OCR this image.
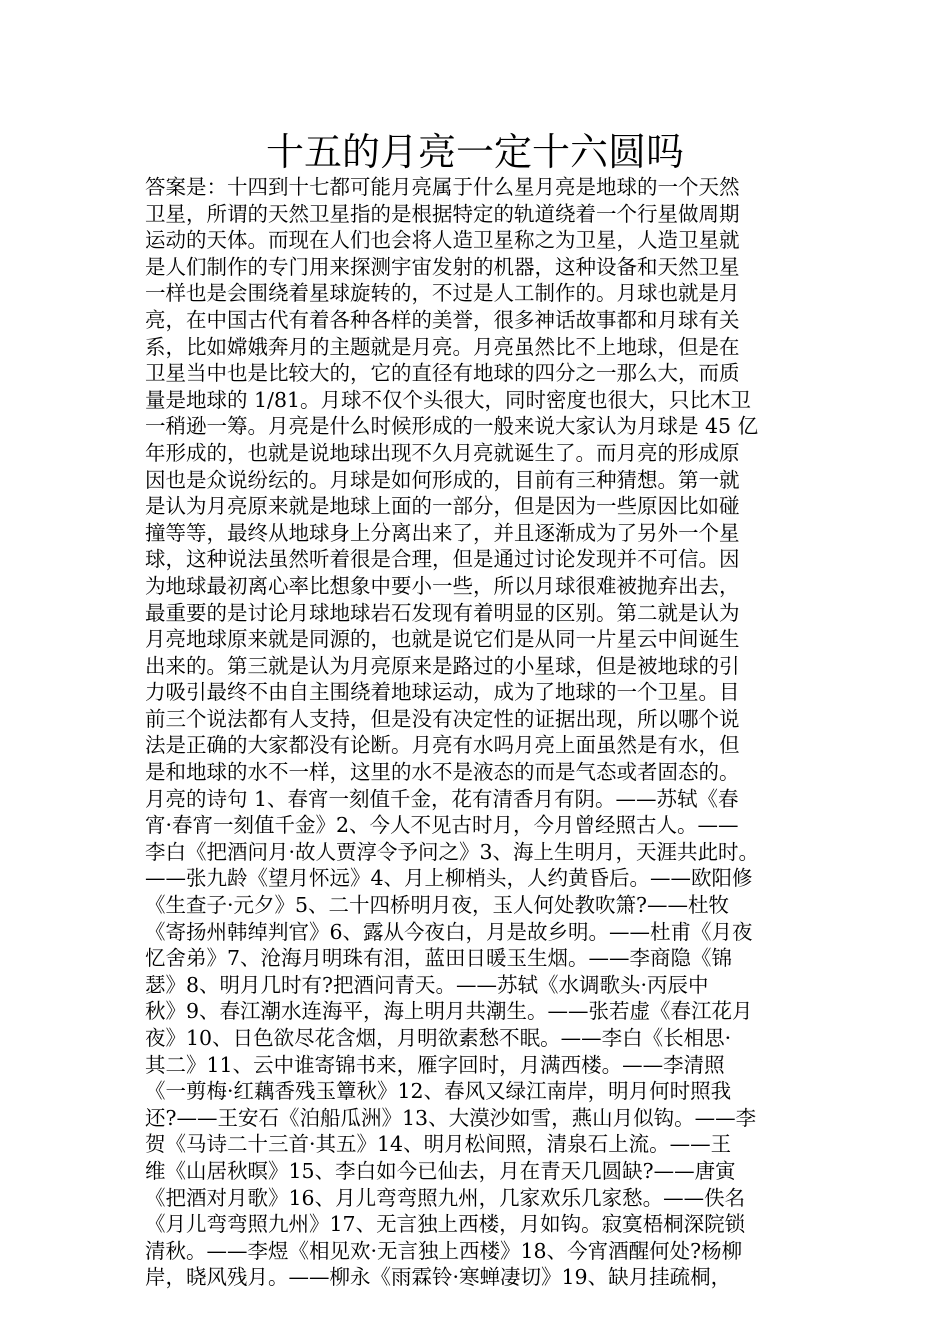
十五的月亮一定十六圆吗
答案是：十四到十七都可能月亮属于什么星月亮是地球的一个天然
卫星，所谓的天然卫星指的是根据特定的轨道绕着一个行星做周期
运动的天体。而现在人们也会将人造卫星称之为卫星，人造卫星就
是人们制作的专门用来探测宇宙发射的机器，这种设备和天然卫星
一样也是会围绕着星球旋转的，不过是人工制作的。月球也就是月
亮，在中国古代有着各种各样的美誉，很多神话故事都和月球有关
系，比如嫦娥奔月的主题就是月亮。月亮虽然比不上地球，但是在
卫星当中也是比较大的，它的直径有地球的四分之一那么大，而质
量是地球的 1/81。月球不仅个头很大，同时密度也很大，只比木卫
一稍逊一筹。月亮是什么时候形成的一般来说大家认为月球是 45 亿
年形成的，也就是说地球出现不久月亮就诞生了。而月亮的形成原
因也是众说纷纭的。月球是如何形成的，目前有三种猜想。第一就
是认为月亮原来就是地球上面的一部分，但是因为一些原因比如碰
撞等等，最终从地球身上分离出来了，并且逐渐成为了另外一个星
球，这种说法虽然听着很是合理，但是通过讨论发现并不可信。因
为地球最初离心率比想象中要小一些，所以月球很难被抛弃出去，
最重要的是讨论月球地球岩石发现有着明显的区别。第二就是认为
月亮地球原来就是同源的，也就是说它们是从同一片星云中间诞生
出来的。第三就是认为月亮原来是路过的小星球，但是被地球的引
力吸引最终不由自主围绕着地球运动，成为了地球的一个卫星。目
前三个说法都有人支持，但是没有决定性的证据出现，所以哪个说
法是正确的大家都没有论断。月亮有水吗月亮上面虽然是有水，但
是和地球的水不一样，这里的水不是液态的而是气态或者固态的。
月亮的诗句 1、春宵一刻值千金，花有清香月有阴。——苏轼《春
宵·春宵一刻值千金》2、今人不见古时月，今月曾经照古人。——
李白《把酒问月·故人贾淳令予问之》3、海上生明月，天涯共此时。
——张九龄《望月怀远》4、月上柳梢头，人约黄昏后。——欧阳修
《生查子·元夕》5、二十四桥明月夜，玉人何处教吹箫?——杜牧
《寄扬州韩绰判官》6、露从今夜白，月是故乡明。——杜甫《月夜
忆舍弟》7、沧海月明珠有泪，蓝田日暖玉生烟。——李商隐《锦
瑟》8、明月几时有?把酒问青天。——苏轼《水调歌头·丙辰中
秋》9、春江潮水连海平，海上明月共潮生。——张若虚《春江花月
夜》10、日色欲尽花含烟，月明欲素愁不眠。——李白《长相思·
其二》11、云中谁寄锦书来，雁字回时，月满西楼。——李清照
《一剪梅·红藕香残玉簟秋》12、春风又绿江南岸，明月何时照我
还?——王安石《泊船瓜洲》13、大漠沙如雪，燕山月似钩。——李
贺《马诗二十三首·其五》14、明月松间照，清泉石上流。——王
维《山居秋暝》15、李白如今已仙去，月在青天几圆缺?——唐寅
《把酒对月歌》16、月儿弯弯照九州，几家欢乐几家愁。——佚名
《月儿弯弯照九州》17、无言独上西楼，月如钩。寂寞梧桐深院锁
清秋。——李煜《相见欢·无言独上西楼》18、今宵酒醒何处?杨柳
岸，晓风残月。——柳永《雨霖铃·寒蝉凄切》19、缺月挂疏桐，
